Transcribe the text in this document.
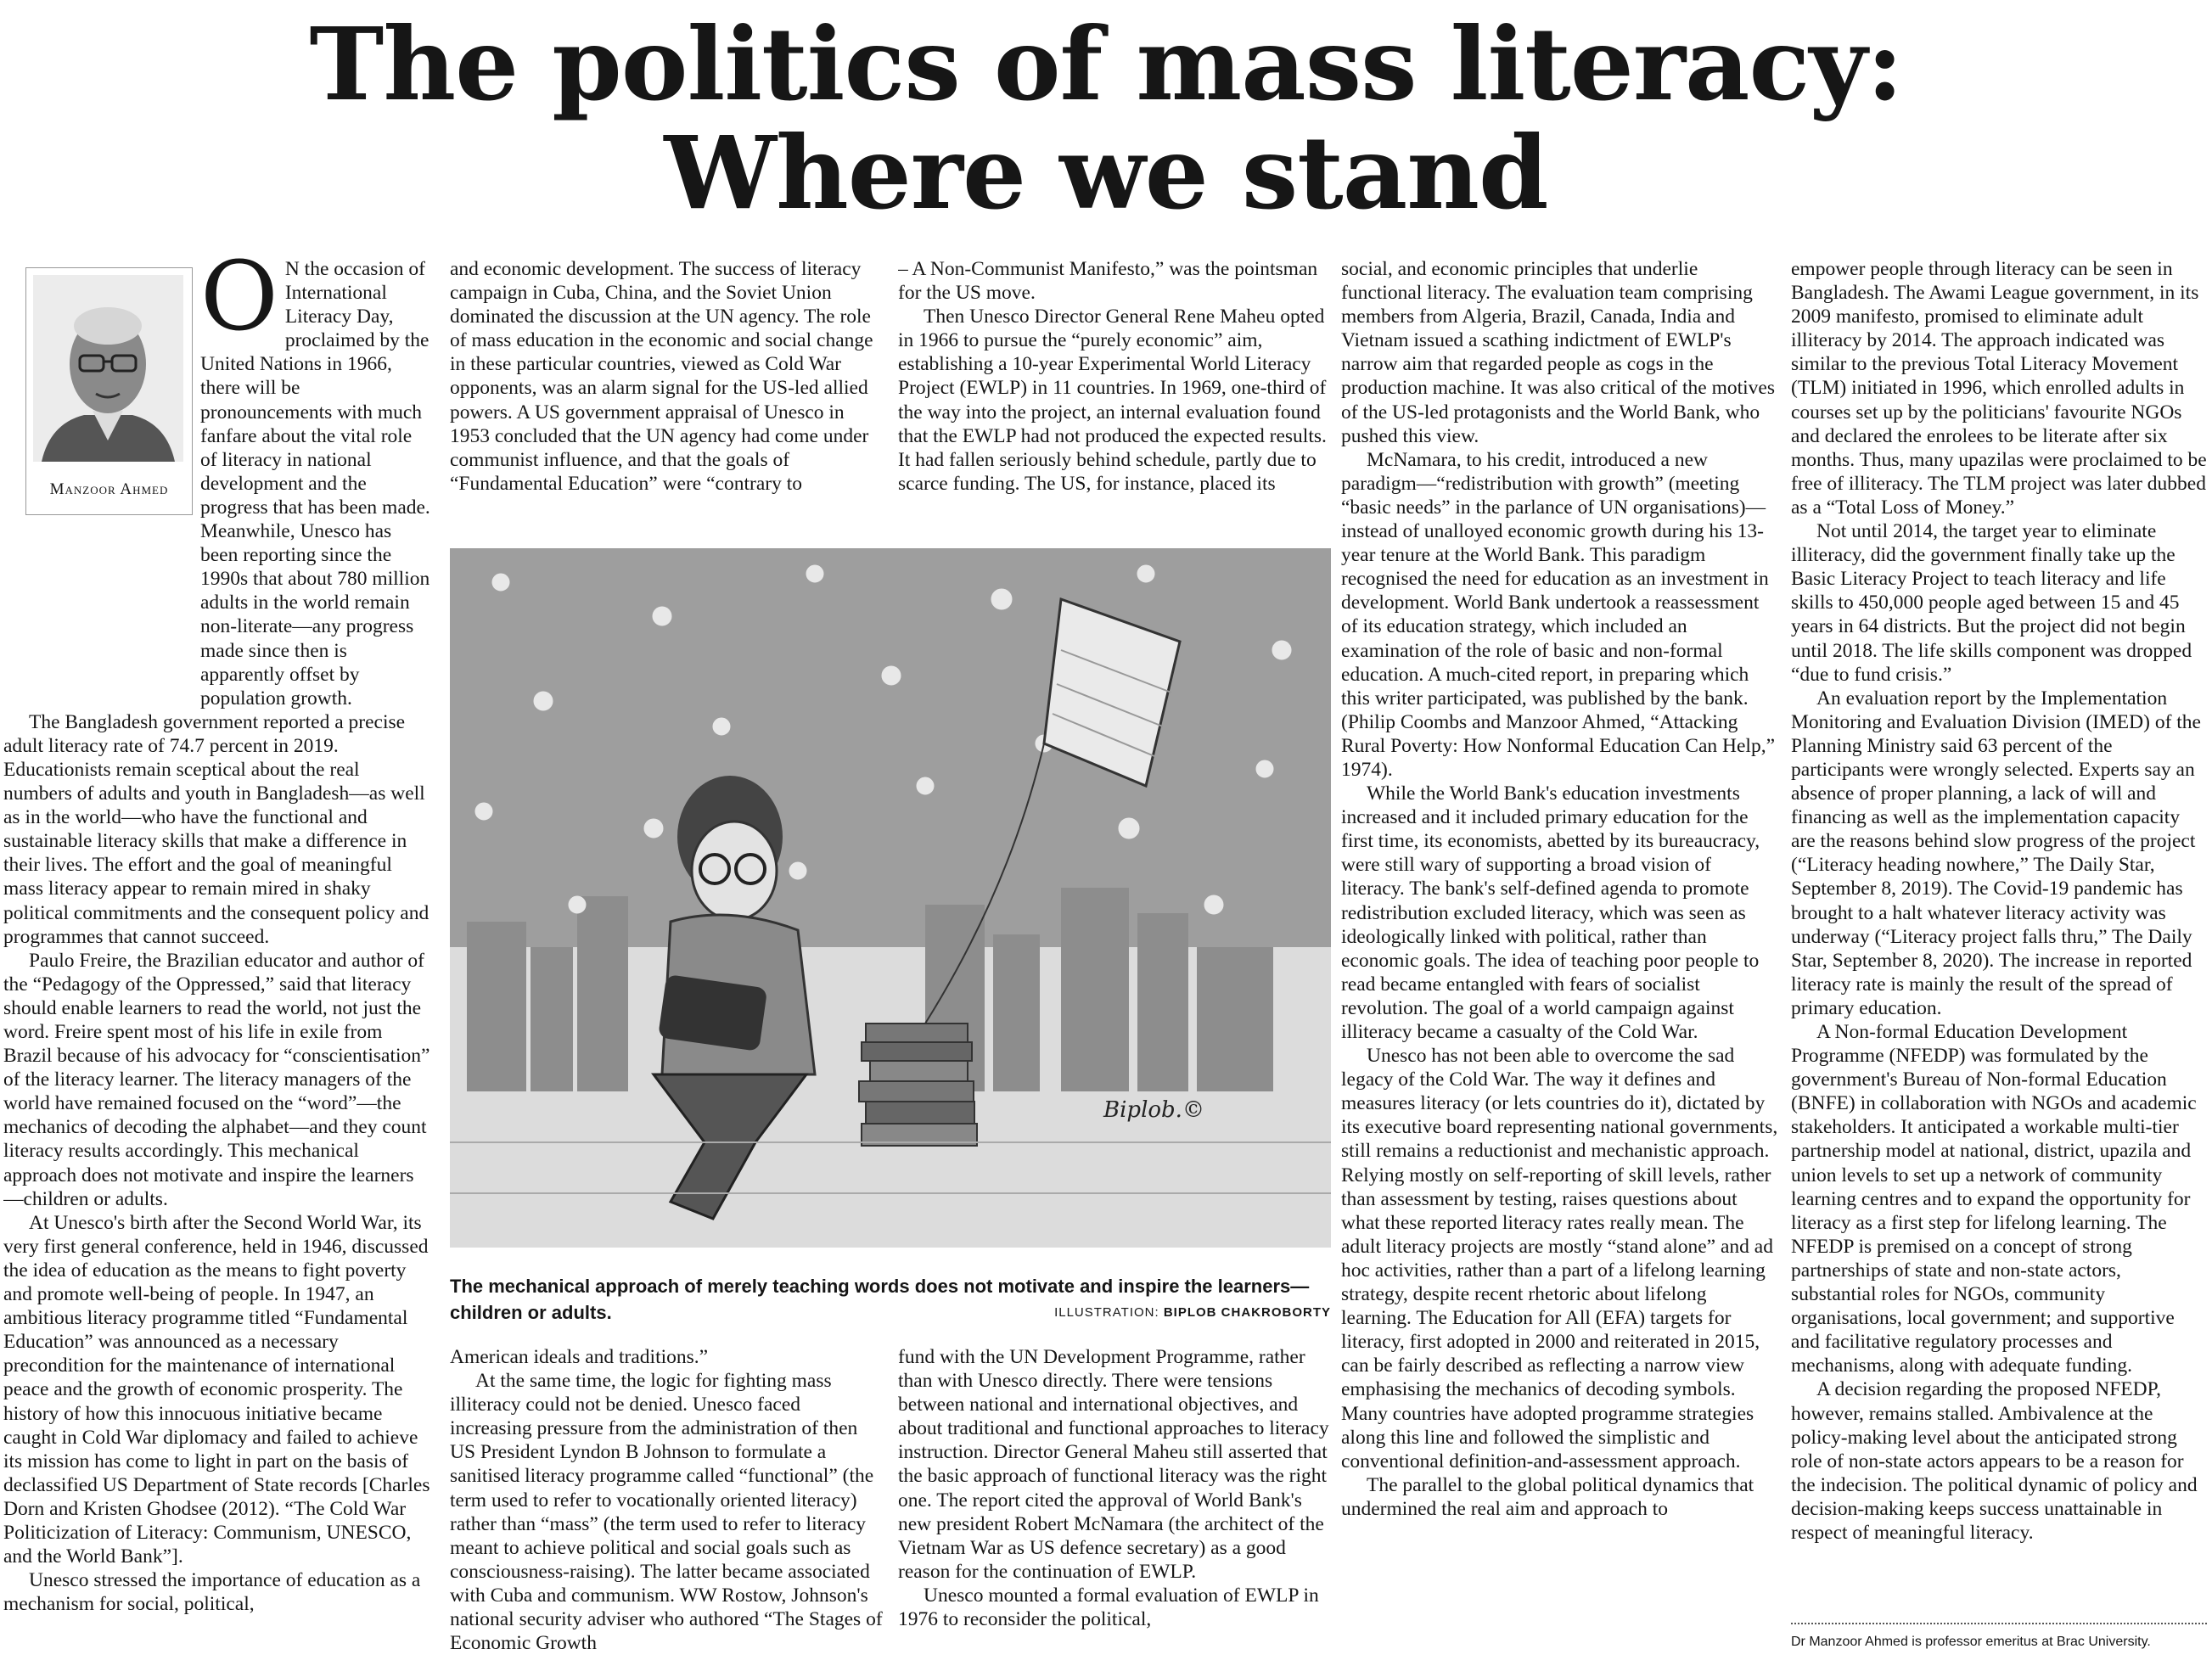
The politics of mass literacy:
Where we stand
Manzoor Ahmed
O N the occasion of International Literacy Day, proclaimed by the United Nations in 1966, there will be pronouncements with much fanfare about the vital role of literacy in national development and the progress that has been made. Meanwhile, Unesco has been reporting since the 1990s that about 780 million adults in the world remain non-literate—any progress made since then is apparently offset by population growth.

The Bangladesh government reported a precise adult literacy rate of 74.7 percent in 2019. Educationists remain sceptical about the real numbers of adults and youth in Bangladesh—as well as in the world—who have the functional and sustainable literacy skills that make a difference in their lives. The effort and the goal of meaningful mass literacy appear to remain mired in shaky political commitments and the consequent policy and programmes that cannot succeed.

Paulo Freire, the Brazilian educator and author of the “Pedagogy of the Oppressed,” said that literacy should enable learners to read the world, not just the word. Freire spent most of his life in exile from Brazil because of his advocacy for “conscientisation” of the literacy learner. The literacy managers of the world have remained focused on the “word”—the mechanics of decoding the alphabet—and they count literacy results accordingly. This mechanical approach does not motivate and inspire the learners—children or adults.

At Unesco's birth after the Second World War, its very first general conference, held in 1946, discussed the idea of education as the means to fight poverty and promote well-being of people. In 1947, an ambitious literacy programme titled “Fundamental Education” was announced as a necessary precondition for the maintenance of international peace and the growth of economic prosperity. The history of how this innocuous initiative became caught in Cold War diplomacy and failed to achieve its mission has come to light in part on the basis of declassified US Department of State records [Charles Dorn and Kristen Ghodsee (2012). “The Cold War Politicization of Literacy: Communism, UNESCO, and the World Bank”].

Unesco stressed the importance of education as a mechanism for social, political,

and economic development. The success of literacy campaign in Cuba, China, and the Soviet Union dominated the discussion at the UN agency. The role of mass education in the economic and social change in these particular countries, viewed as Cold War opponents, was an alarm signal for the US-led allied powers. A US government appraisal of Unesco in 1953 concluded that the UN agency had come under communist influence, and that the goals of “Fundamental Education” were “contrary to

– A Non-Communist Manifesto,” was the pointsman for the US move.

Then Unesco Director General Rene Maheu opted in 1966 to pursue the “purely economic” aim, establishing a 10-year Experimental World Literacy Project (EWLP) in 11 countries. In 1969, one-third of the way into the project, an internal evaluation found that the EWLP had not produced the expected results. It had fallen seriously behind schedule, partly due to scarce funding. The US, for instance, placed its

Biplob.©
The mechanical approach of merely teaching words does not motivate and inspire the learners—children or adults.	ILLUSTRATION: BIPLOB CHAKROBORTY

American ideals and traditions.”

At the same time, the logic for fighting mass illiteracy could not be denied. Unesco faced increasing pressure from the administration of then US President Lyndon B Johnson to formulate a sanitised literacy programme called “functional” (the term used to refer to vocationally oriented literacy) rather than “mass” (the term used to refer to literacy meant to achieve political and social goals such as consciousness-raising). The latter became associated with Cuba and communism. WW Rostow, Johnson's national security adviser who authored “The Stages of Economic Growth

fund with the UN Development Programme, rather than with Unesco directly. There were tensions between national and international objectives, and about traditional and functional approaches to literacy instruction. Director General Maheu still asserted that the basic approach of functional literacy was the right one. The report cited the approval of World Bank's new president Robert McNamara (the architect of the Vietnam War as US defence secretary) as a good reason for the continuation of EWLP.

Unesco mounted a formal evaluation of EWLP in 1976 to reconsider the political,

social, and economic principles that underlie functional literacy. The evaluation team comprising members from Algeria, Brazil, Canada, India and Vietnam issued a scathing indictment of EWLP's narrow aim that regarded people as cogs in the production machine. It was also critical of the motives of the US-led protagonists and the World Bank, who pushed this view.

McNamara, to his credit, introduced a new paradigm—“redistribution with growth” (meeting “basic needs” in the parlance of UN organisations)—instead of unalloyed economic growth during his 13-year tenure at the World Bank. This paradigm recognised the need for education as an investment in development. World Bank undertook a reassessment of its education strategy, which included an examination of the role of basic and non-formal education. A much-cited report, in preparing which this writer participated, was published by the bank. (Philip Coombs and Manzoor Ahmed, “Attacking Rural Poverty: How Nonformal Education Can Help,” 1974).

While the World Bank's education investments increased and it included primary education for the first time, its economists, abetted by its bureaucracy, were still wary of supporting a broad vision of literacy. The bank's self-defined agenda to promote redistribution excluded literacy, which was seen as ideologically linked with political, rather than economic goals. The idea of teaching poor people to read became entangled with fears of socialist revolution. The goal of a world campaign against illiteracy became a casualty of the Cold War.

Unesco has not been able to overcome the sad legacy of the Cold War. The way it defines and measures literacy (or lets countries do it), dictated by its executive board representing national governments, still remains a reductionist and mechanistic approach. Relying mostly on self-reporting of skill levels, rather than assessment by testing, raises questions about what these reported literacy rates really mean. The adult literacy projects are mostly “stand alone” and ad hoc activities, rather than a part of a lifelong learning strategy, despite recent rhetoric about lifelong learning. The Education for All (EFA) targets for literacy, first adopted in 2000 and reiterated in 2015, can be fairly described as reflecting a narrow view emphasising the mechanics of decoding symbols. Many countries have adopted programme strategies along this line and followed the simplistic and conventional definition-and-assessment approach.

The parallel to the global political dynamics that undermined the real aim and approach to

empower people through literacy can be seen in Bangladesh. The Awami League government, in its 2009 manifesto, promised to eliminate adult illiteracy by 2014. The approach indicated was similar to the previous Total Literacy Movement (TLM) initiated in 1996, which enrolled adults in courses set up by the politicians' favourite NGOs and declared the enrolees to be literate after six months. Thus, many upazilas were proclaimed to be free of illiteracy. The TLM project was later dubbed as a “Total Loss of Money.”

Not until 2014, the target year to eliminate illiteracy, did the government finally take up the Basic Literacy Project to teach literacy and life skills to 450,000 people aged between 15 and 45 years in 64 districts. But the project did not begin until 2018. The life skills component was dropped “due to fund crisis.”

An evaluation report by the Implementation Monitoring and Evaluation Division (IMED) of the Planning Ministry said 63 percent of the participants were wrongly selected. Experts say an absence of proper planning, a lack of will and financing as well as the implementation capacity are the reasons behind slow progress of the project (“Literacy heading nowhere,” The Daily Star, September 8, 2019). The Covid-19 pandemic has brought to a halt whatever literacy activity was underway (“Literacy project falls thru,” The Daily Star, September 8, 2020). The increase in reported literacy rate is mainly the result of the spread of primary education.

A Non-formal Education Development Programme (NFEDP) was formulated by the government's Bureau of Non-formal Education (BNFE) in collaboration with NGOs and academic stakeholders. It anticipated a workable multi-tier partnership model at national, district, upazila and union levels to set up a network of community learning centres and to expand the opportunity for literacy as a first step for lifelong learning. The NFEDP is premised on a concept of strong partnerships of state and non-state actors, substantial roles for NGOs, community organisations, local government; and supportive and facilitative regulatory processes and mechanisms, along with adequate funding.

A decision regarding the proposed NFEDP, however, remains stalled. Ambivalence at the policy-making level about the anticipated strong role of non-state actors appears to be a reason for the indecision. The political dynamic of policy and decision-making keeps success unattainable in respect of meaningful literacy.

Dr Manzoor Ahmed is professor emeritus at Brac University.
